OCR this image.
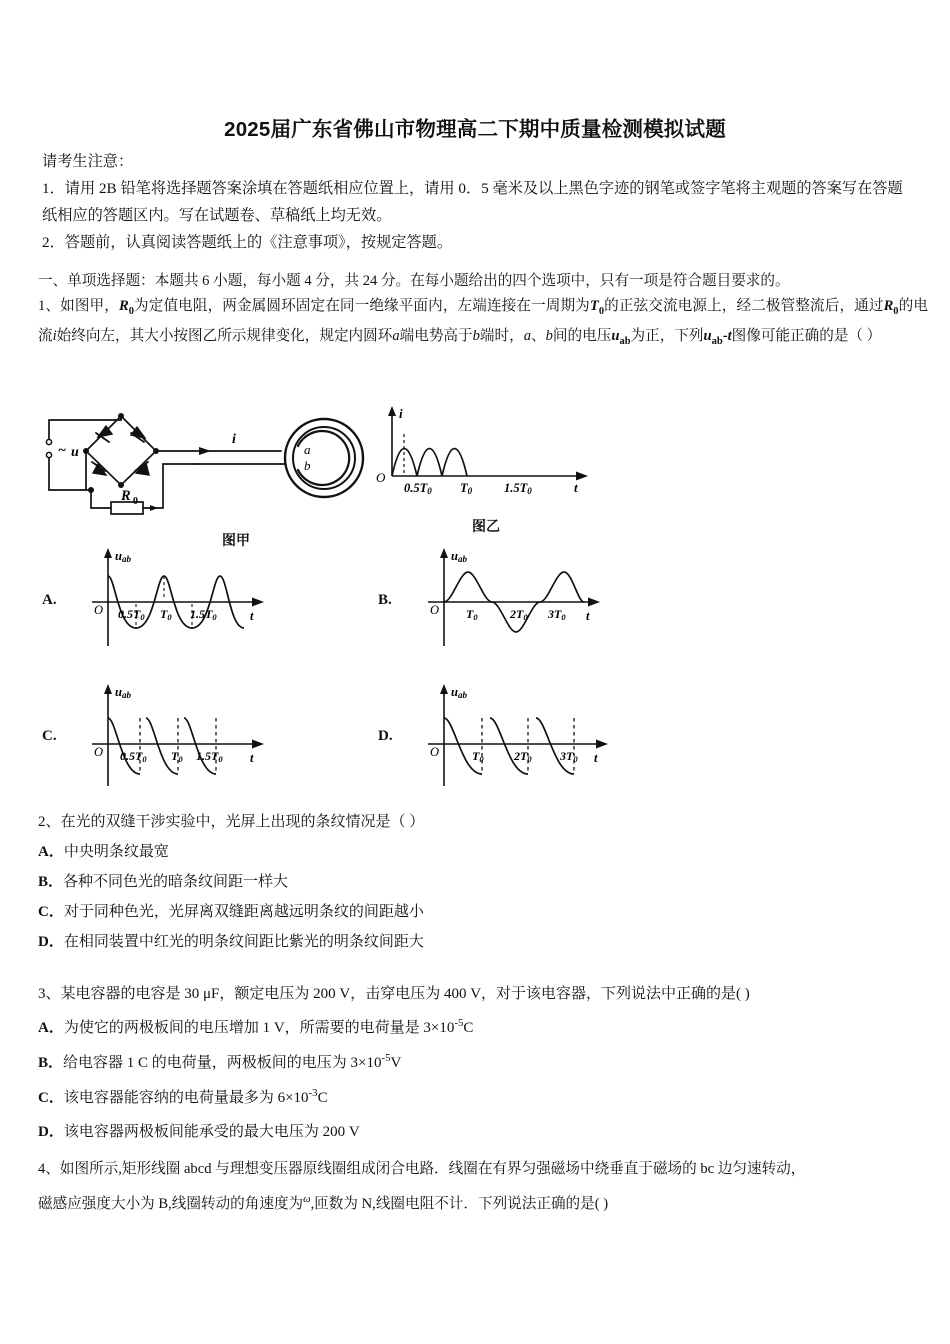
2025届广东省佛山市物理高二下期中质量检测模拟试题
请考生注意：
1．请用 2B 铅笔将选择题答案涂填在答题纸相应位置上，请用 0．5 毫米及以上黑色字迹的钢笔或签字笔将主观题的答案写在答题纸相应的答题区内。写在试题卷、草稿纸上均无效。
2．答题前，认真阅读答题纸上的《注意事项》，按规定答题。
一、单项选择题：本题共 6 小题，每小题 4 分，共 24 分。在每小题给出的四个选项中，只有一项是符合题目要求的。
1、如图甲，$R_0$为定值电阻，两金属圆环固定在同一绝缘平面内，左端连接在一周期为$T_0$的正弦交流电源上，经二极管整流后，通过$R_0$的电流i始终向左，其大小按图乙所示规律变化，规定内圆环a端电势高于b端时，a、b间的电压$u_{ab}$为正，下列$u_{ab}-t$图像可能正确的是（ ）
~ u
i
R 0
a
b
图甲
i
O
t
0.5T0 T0	1.5T0
图乙
A.
uab
O	t
0.5T0 T0 1.5T0
B.
uab
O	t
T0	2T0 3T0
C.
uab
O	t
0.5T0 T0 1.5T0
D.
uab
O	t
T0	2T0 3T0
2、在光的双缝干涉实验中，光屏上出现的条纹情况是（ ）
A．中央明条纹最宽
B．各种不同色光的暗条纹间距一样大
C．对于同种色光，光屏离双缝距离越远明条纹的间距越小
D．在相同装置中红光的明条纹间距比紫光的明条纹间距大
3、某电容器的电容是 30 μF，额定电压为 200 V，击穿电压为 400 V，对于该电容器，下列说法中正确的是( )
A．为使它的两极板间的电压增加 1 V，所需要的电荷量是 $3\times 10^{-5}C$
B．给电容器 1 C 的电荷量，两极板间的电压为 $3\times 10^{-5}V$
C．该电容器能容纳的电荷量最多为 $6\times 10^{-3}C$
D．该电容器两极板间能承受的最大电压为 200 V
4、如图所示,矩形线圈 abcd 与理想变压器原线圈组成闭合电路．线圈在有界匀强磁场中绕垂直于磁场的 bc 边匀速转动，
磁感应强度大小为 B,线圈转动的角速度为$^\omega$,匝数为 N,线圈电阻不计．下列说法正确的是( )
